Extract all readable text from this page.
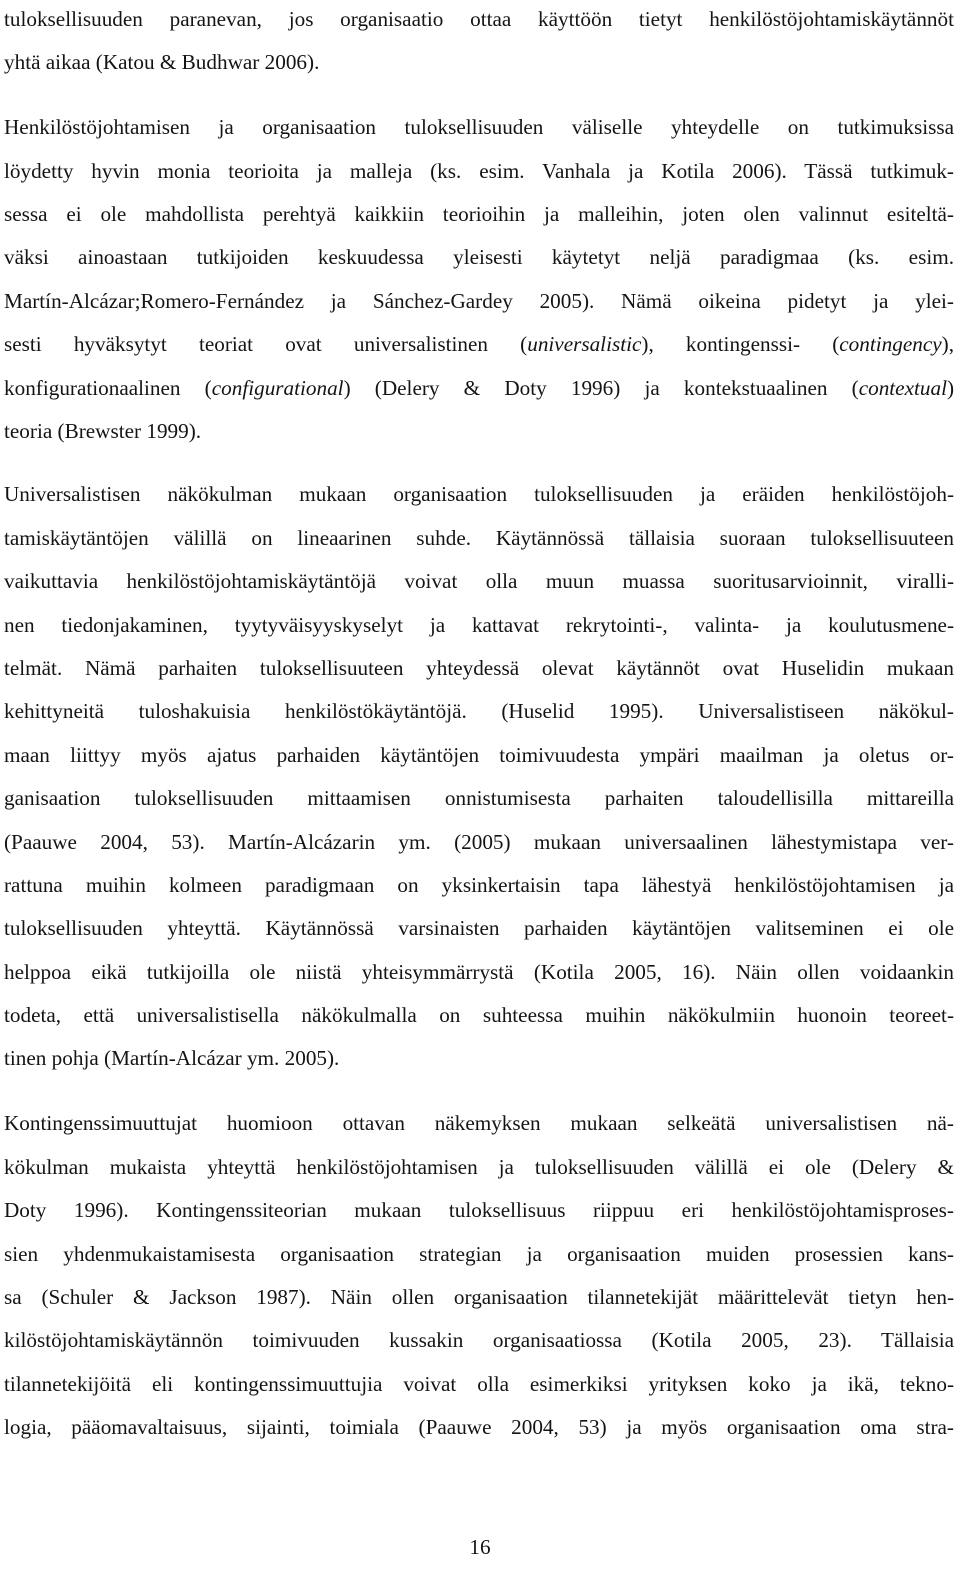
tuloksellisuuden paranevan, jos organisaatio ottaa käyttöön tietyt henkilöstöjohtamiskäytännöt
yhtä aikaa (Katou & Budhwar 2006).
Henkilöstöjohtamisen ja organisaation tuloksellisuuden väliselle yhteydelle on tutkimuksissa
löydetty hyvin monia teorioita ja malleja (ks. esim. Vanhala ja Kotila 2006). Tässä tutkimuk-
sessa ei ole mahdollista perehtyä kaikkiin teorioihin ja malleihin, joten olen valinnut esiteltä-
väksi ainoastaan tutkijoiden keskuudessa yleisesti käytetyt neljä paradigmaa (ks. esim.
Martín-Alcázar;Romero-Fernández ja Sánchez-Gardey 2005). Nämä oikeina pidetyt ja ylei-
sesti hyväksytyt teoriat ovat universalistinen (universalistic), kontingenssi- (contingency),
konfigurationaalinen (configurational) (Delery & Doty 1996) ja kontekstuaalinen (contextual)
teoria (Brewster 1999).
Universalistisen näkökulman mukaan organisaation tuloksellisuuden ja eräiden henkilöstöjoh-
tamiskäytäntöjen välillä on lineaarinen suhde. Käytännössä tällaisia suoraan tuloksellisuuteen
vaikuttavia henkilöstöjohtamiskäytäntöjä voivat olla muun muassa suoritusarvioinnit, viralli-
nen tiedonjakaminen, tyytyväisyyskyselyt ja kattavat rekrytointi-, valinta- ja koulutusmene-
telmät. Nämä parhaiten tuloksellisuuteen yhteydessä olevat käytännöt ovat Huselidin mukaan
kehittyneitä tuloshakuisia henkilöstökäytäntöjä. (Huselid 1995). Universalistiseen näkökul-
maan liittyy myös ajatus parhaiden käytäntöjen toimivuudesta ympäri maailman ja oletus or-
ganisaation tuloksellisuuden mittaamisen onnistumisesta parhaiten taloudellisilla mittareilla
(Paauwe 2004, 53). Martín-Alcázarin ym. (2005) mukaan universaalinen lähestymistapa ver-
rattuna muihin kolmeen paradigmaan on yksinkertaisin tapa lähestyä henkilöstöjohtamisen ja
tuloksellisuuden yhteyttä. Käytännössä varsinaisten parhaiden käytäntöjen valitseminen ei ole
helppoa eikä tutkijoilla ole niistä yhteisymmärrystä (Kotila 2005, 16). Näin ollen voidaankin
todeta, että universalistisella näkökulmalla on suhteessa muihin näkökulmiin huonoin teoreet-
tinen pohja (Martín-Alcázar ym. 2005).
Kontingenssimuuttujat huomioon ottavan näkemyksen mukaan selkeätä universalistisen nä-
kökulman mukaista yhteyttä henkilöstöjohtamisen ja tuloksellisuuden välillä ei ole (Delery &
Doty 1996). Kontingenssiteorian mukaan tuloksellisuus riippuu eri henkilöstöjohtamisproses-
sien yhdenmukaistamisesta organisaation strategian ja organisaation muiden prosessien kans-
sa (Schuler & Jackson 1987). Näin ollen organisaation tilannetekijät määrittelevät tietyn hen-
kilöstöjohtamiskäytännön toimivuuden kussakin organisaatiossa (Kotila 2005, 23). Tällaisia
tilannetekijöitä eli kontingenssimuuttujia voivat olla esimerkiksi yrityksen koko ja ikä, tekno-
logia, pääomavaltaisuus, sijainti, toimiala (Paauwe 2004, 53) ja myös organisaation oma stra-
16
